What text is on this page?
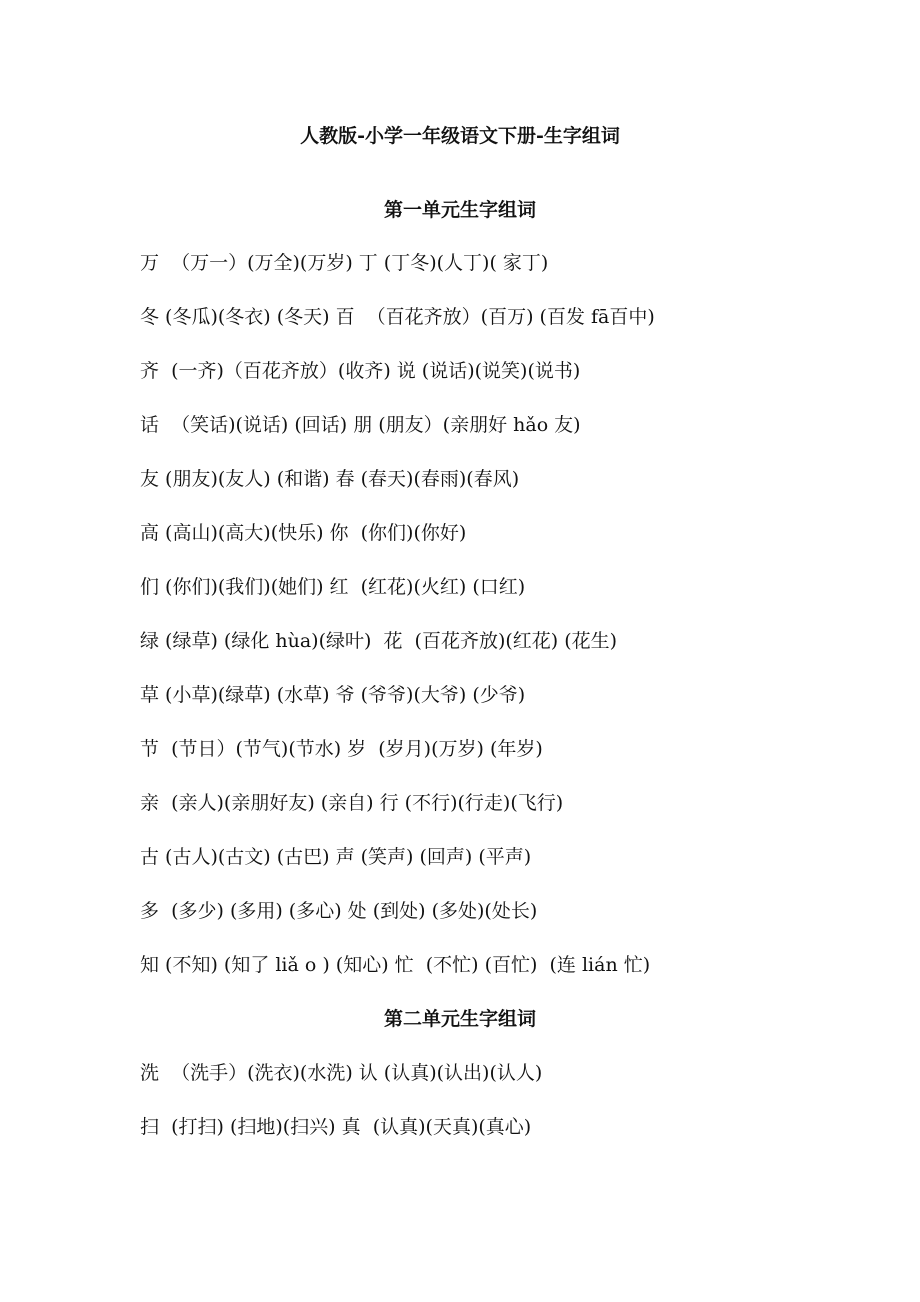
人教版-小学一年级语文下册-生字组词
第一单元生字组词
万  （万一）(万全)(万岁) 丁 (丁冬)(人丁)( 家丁)
冬 (冬瓜)(冬衣) (冬天) 百  （百花齐放）(百万) (百发 fā百中)
齐  (一齐)（百花齐放）(收齐) 说 (说话)(说笑)(说书)
话  （笑话)(说话) (回话) 朋 (朋友）(亲朋好 hǎo 友)
友 (朋友)(友人) (和谐) 春 (春天)(春雨)(春风)
高 (高山)(高大)(快乐) 你  (你们)(你好)
们 (你们)(我们)(她们) 红  (红花)(火红) (口红)
绿 (绿草) (绿化 hùa)(绿叶)  花  (百花齐放)(红花) (花生)
草 (小草)(绿草) (水草) 爷 (爷爷)(大爷) (少爷)
节  (节日）(节气)(节水) 岁  (岁月)(万岁) (年岁)
亲  (亲人)(亲朋好友) (亲自) 行 (不行)(行走)(飞行)
古 (古人)(古文) (古巴) 声 (笑声) (回声) (平声)
多  (多少) (多用) (多心) 处 (到处) (多处)(处长)
知 (不知) (知了 liǎ o ) (知心) 忙  (不忙) (百忙)  (连 lián 忙)
第二单元生字组词
洗  （洗手）(洗衣)(水洗) 认 (认真)(认出)(认人)
扫  (打扫) (扫地)(扫兴) 真  (认真)(天真)(真心)
